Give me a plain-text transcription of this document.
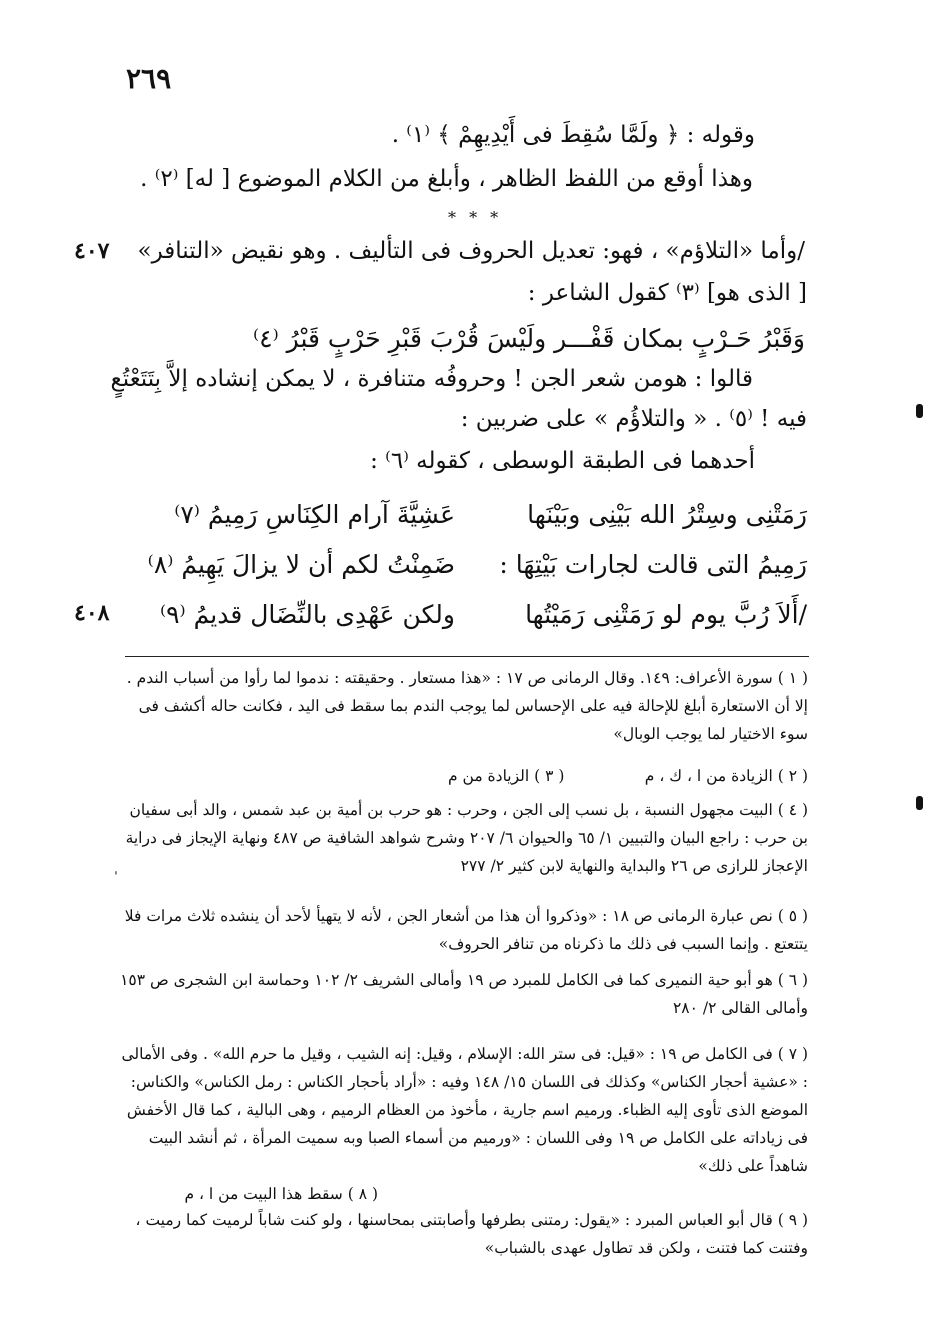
٢٦٩
وقوله : ﴿ ولَمَّا سُقِطَ فى أَيْدِيهِمْ ﴾ ⁽١⁾ .
وهذا أوقع من اللفظ الظاهر ، وأبلغ من الكلام الموضوع [ له] ⁽٢⁾ .
* * *
٤٠٧ /وأما «التلاؤم» ، فهو: تعديل الحروف فى التأليف . وهو نقيض «التنافر»
[ الذى هو] ⁽٣⁾ كقول الشاعر :
وَقَبْرُ حَـرْبٍ بمكان قَفْـــر ولَيْسَ قُرْبَ قَبْرِ حَرْبٍ قَبْرُ ⁽٤⁾
قالوا : هومن شعر الجن ! وحروفُه متنافرة ، لا يمكن إنشاده إلاَّ بِتَتَعْتُعٍ
فيه ! ⁽٥⁾ . « والتلاؤُم » على ضربين :
أحدهما فى الطبقة الوسطى ، كقوله ⁽٦⁾ :
رَمَتْنِى وسِتْرُ الله بَيْنِى وبَيْنَها
عَشِيَّةَ آرام الكِنَاسِ رَمِيمُ ⁽٧⁾
رَمِيمُ التى قالت لجارات بَيْتِهَا :
ضَمِنْتُ لكم أن لا يزالَ يَهِيمُ ⁽٨⁾
٤٠٨	/أَلاَ رُبَّ يوم لو رَمَتْنِى رَمَيْتُها
ولكن عَهْدِى بالنِّضَال قديمُ ⁽٩⁾

( ١ ) سورة الأعراف: ١٤٩. وقال الرمانى ص ١٧ : «هذا مستعار . وحقيقته : ندموا لما رأوا من أسباب الندم . إلا أن الاستعارة أبلغ للإحالة فيه على الإحساس لما يوجب الندم بما سقط فى اليد ، فكانت حاله أكشف فى سوء الاختيار لما يوجب الوبال»

( ٢ ) الزيادة من ا ، ك ، م
( ٣ ) الزيادة من م

( ٤ ) البيت مجهول النسبة ، بل نسب إلى الجن ، وحرب : هو حرب بن أمية بن عبد شمس ، والد أبى سفيان بن حرب : راجع البيان والتبيين ١/ ٦٥ والحيوان ٦/ ٢٠٧ وشرح شواهد الشافية ص ٤٨٧ ونهاية الإيجاز فى دراية الإعجاز للرازى ص ٢٦ والبداية والنهاية لابن كثير ٢/ ٢٧٧

ˈ

( ٥ ) نص عبارة الرمانى ص ١٨ : «وذكروا أن هذا من أشعار الجن ، لأنه لا يتهيأ لأحد أن ينشده ثلاث مرات فلا يتتعتع . وإنما السبب فى ذلك ما ذكرناه من تنافر الحروف»

( ٦ ) هو أبو حية النميرى كما فى الكامل للمبرد ص ١٩ وأمالى الشريف ٢/ ١٠٢ وحماسة ابن الشجرى ص ١٥٣ وأمالى القالى ٢/ ٢٨٠

( ٧ ) فى الكامل ص ١٩ : «قيل: فى ستر الله: الإسلام ، وقيل: إنه الشيب ، وقيل ما حرم الله» . وفى الأمالى : «عشية أحجار الكناس» وكذلك فى اللسان ١٥/ ١٤٨ وفيه : «أراد بأحجار الكناس : رمل الكناس» والكناس: الموضع الذى تأوى إليه الظباء. ورميم اسم جارية ، مأخوذ من العظام الرميم ، وهى البالية ، كما قال الأخفش فى زياداته على الكامل ص ١٩ وفى اللسان : «ورميم من أسماء الصبا وبه سميت المرأة ، ثم أنشد البيت شاهداً على ذلك»

( ٨ ) سقط هذا البيت من ا ، م

( ٩ ) قال أبو العباس المبرد : «يقول: رمتنى بطرفها وأصابتنى بمحاسنها ، ولو كنت شاباً لرميت كما رميت ، وفتنت كما فتنت ، ولكن قد تطاول عهدى بالشباب»
